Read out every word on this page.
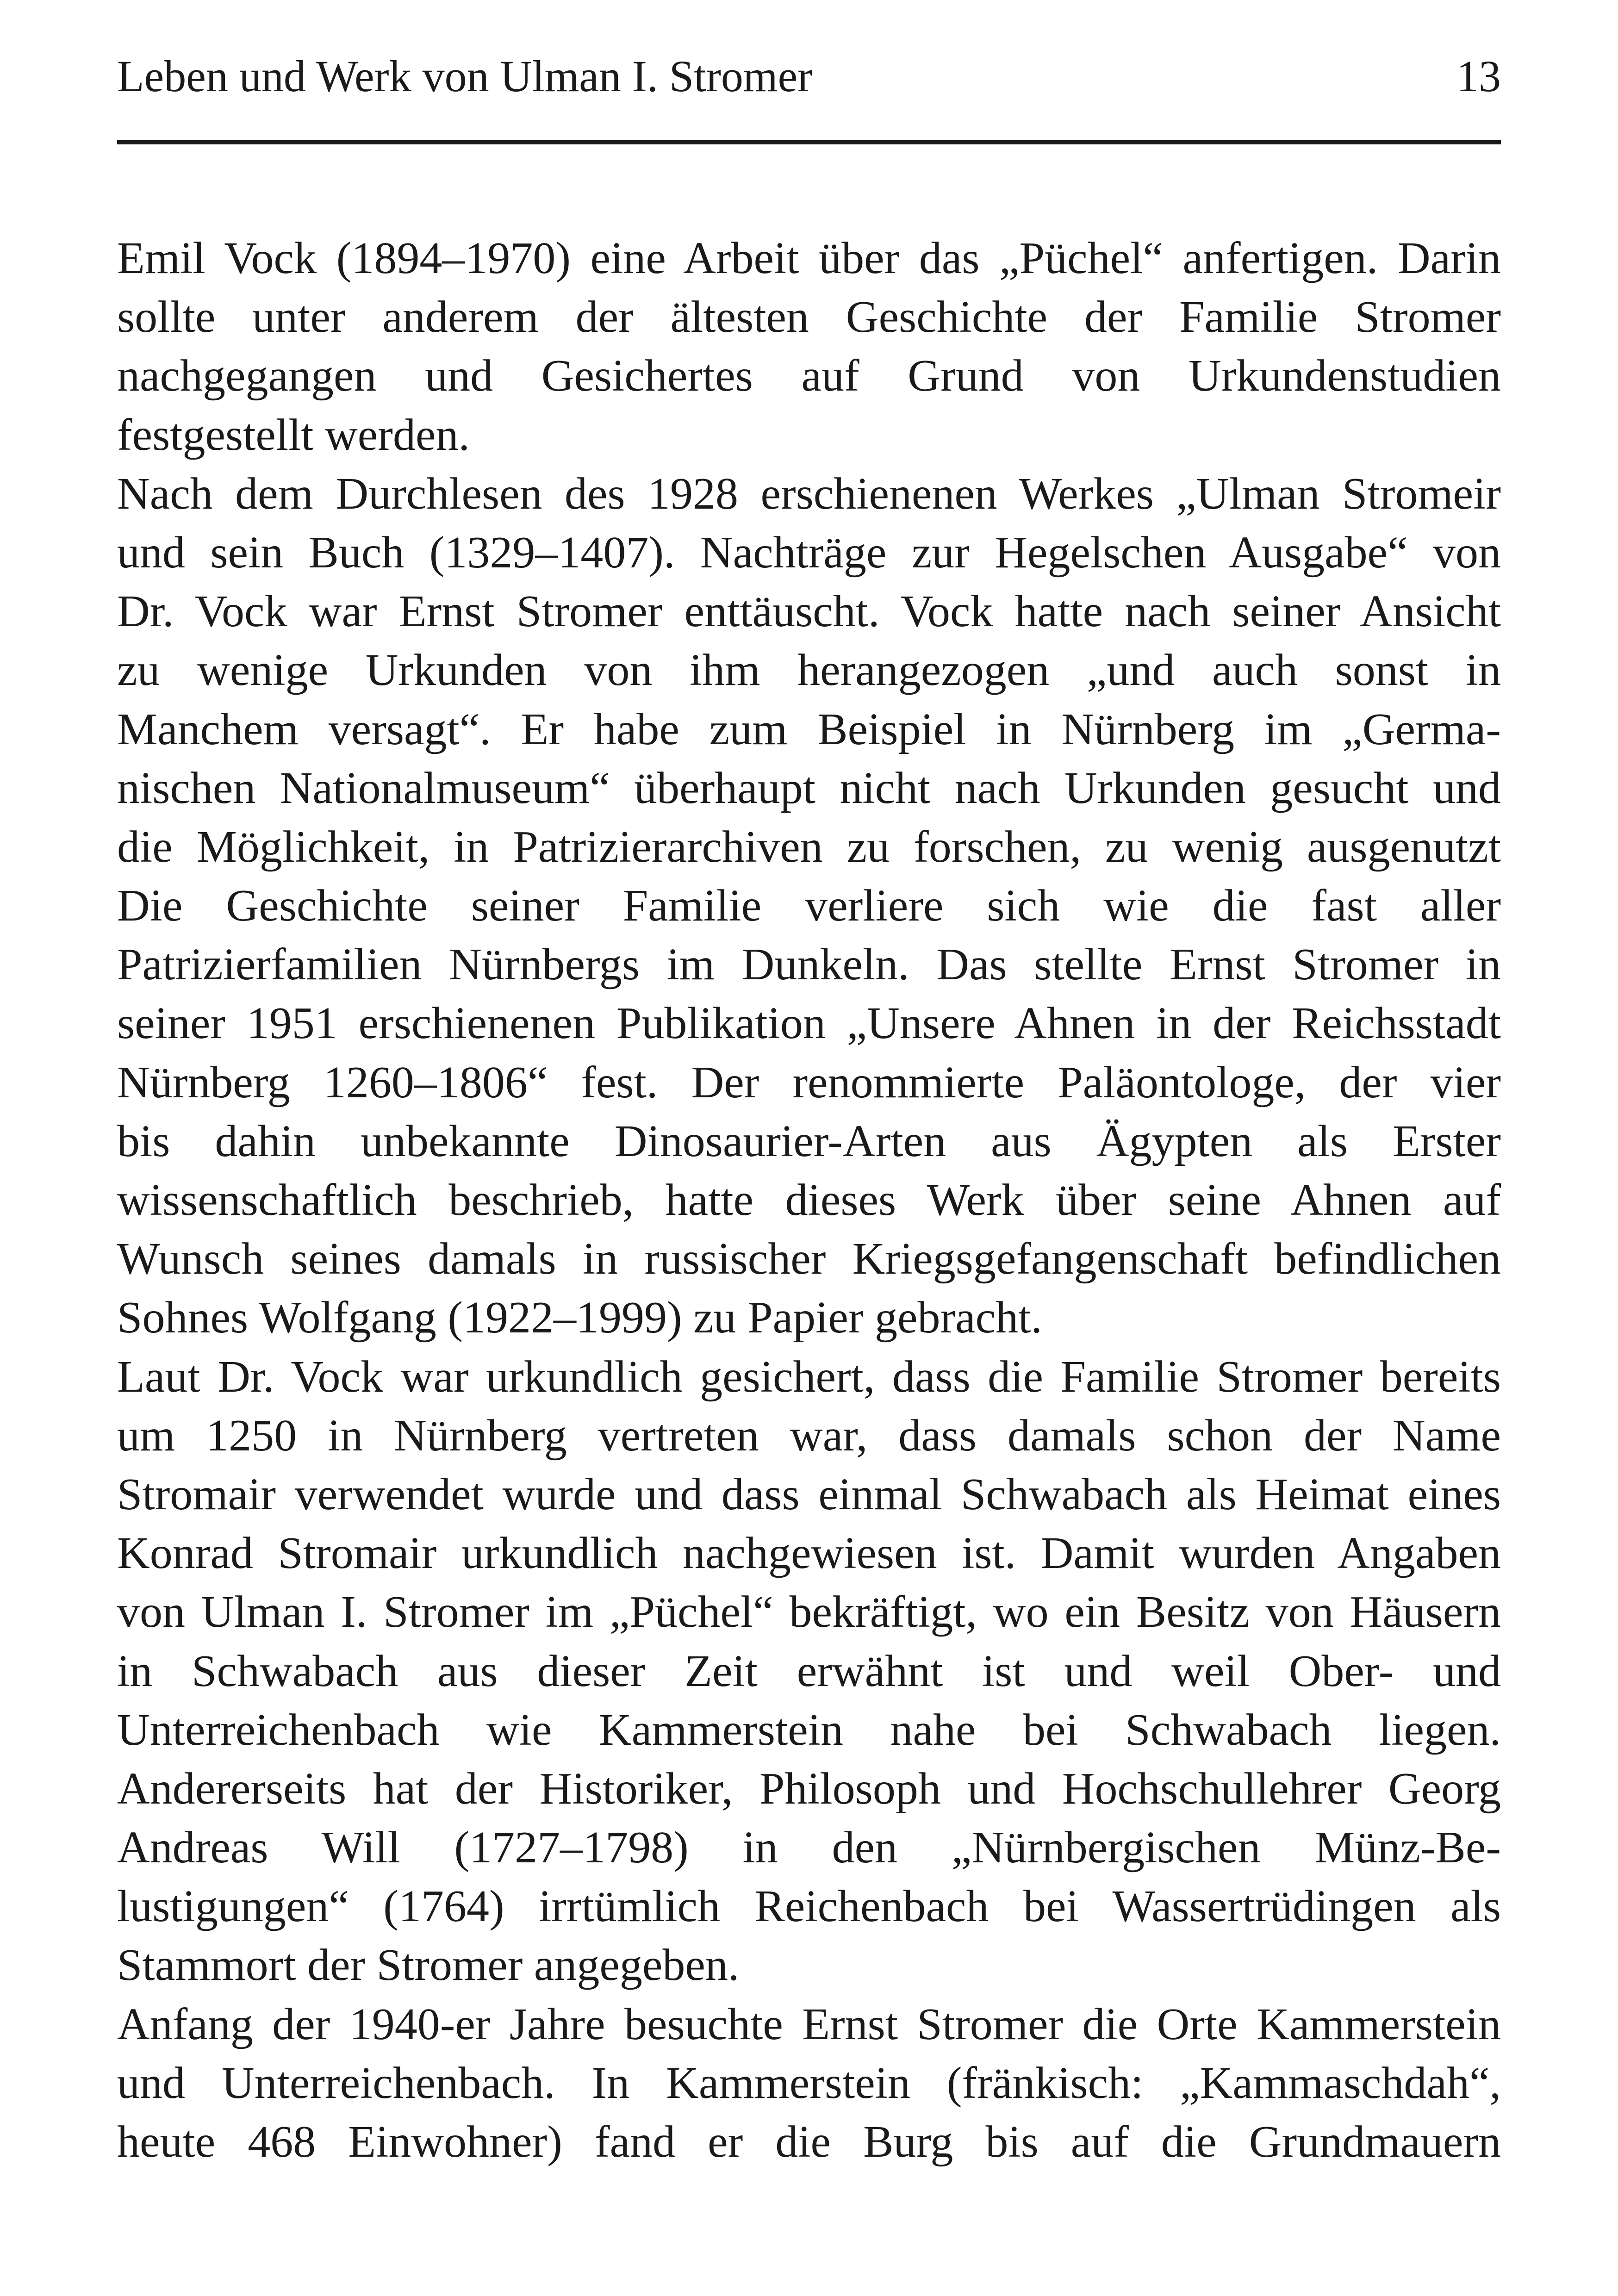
Leben und Werk von Ulman I. Stromer	13
Emil Vock (1894–1970) eine Arbeit über das „Püchel“ anfertigen. Darin
sollte unter anderem der ältesten Geschichte der Familie Stromer
nachgegangen und Gesichertes auf Grund von Urkundenstudien
festgestellt werden.
Nach dem Durchlesen des 1928 erschienenen Werkes „Ulman Stromeir
und sein Buch (1329–1407). Nachträge zur Hegelschen Ausgabe“ von
Dr. Vock war Ernst Stromer enttäuscht. Vock hatte nach seiner Ansicht
zu wenige Urkunden von ihm herangezogen „und auch sonst in
Manchem versagt“. Er habe zum Beispiel in Nürnberg im „Germa-
nischen Nationalmuseum“ überhaupt nicht nach Urkunden gesucht und
die Möglichkeit, in Patrizierarchiven zu forschen, zu wenig ausgenutzt
Die Geschichte seiner Familie verliere sich wie die fast aller
Patrizierfamilien Nürnbergs im Dunkeln. Das stellte Ernst Stromer in
seiner 1951 erschienenen Publikation „Unsere Ahnen in der Reichsstadt
Nürnberg 1260–1806“ fest. Der renommierte Paläontologe, der vier
bis dahin unbekannte Dinosaurier-Arten aus Ägypten als Erster
wissenschaftlich beschrieb, hatte dieses Werk über seine Ahnen auf
Wunsch seines damals in russischer Kriegsgefangenschaft befindlichen
Sohnes Wolfgang (1922–1999) zu Papier gebracht.
Laut Dr. Vock war urkundlich gesichert, dass die Familie Stromer bereits
um 1250 in Nürnberg vertreten war, dass damals schon der Name
Stromair verwendet wurde und dass einmal Schwabach als Heimat eines
Konrad Stromair urkundlich nachgewiesen ist. Damit wurden Angaben
von Ulman I. Stromer im „Püchel“ bekräftigt, wo ein Besitz von Häusern
in Schwabach aus dieser Zeit erwähnt ist und weil Ober- und
Unterreichenbach wie Kammerstein nahe bei Schwabach liegen.
Andererseits hat der Historiker, Philosoph und Hochschullehrer Georg
Andreas Will (1727–1798) in den „Nürnbergischen Münz-Be-
lustigungen“ (1764) irrtümlich Reichenbach bei Wassertrüdingen als
Stammort der Stromer angegeben.
Anfang der 1940-er Jahre besuchte Ernst Stromer die Orte Kammerstein
und Unterreichenbach. In Kammerstein (fränkisch: „Kammaschdah“,
heute 468 Einwohner) fand er die Burg bis auf die Grundmauern
